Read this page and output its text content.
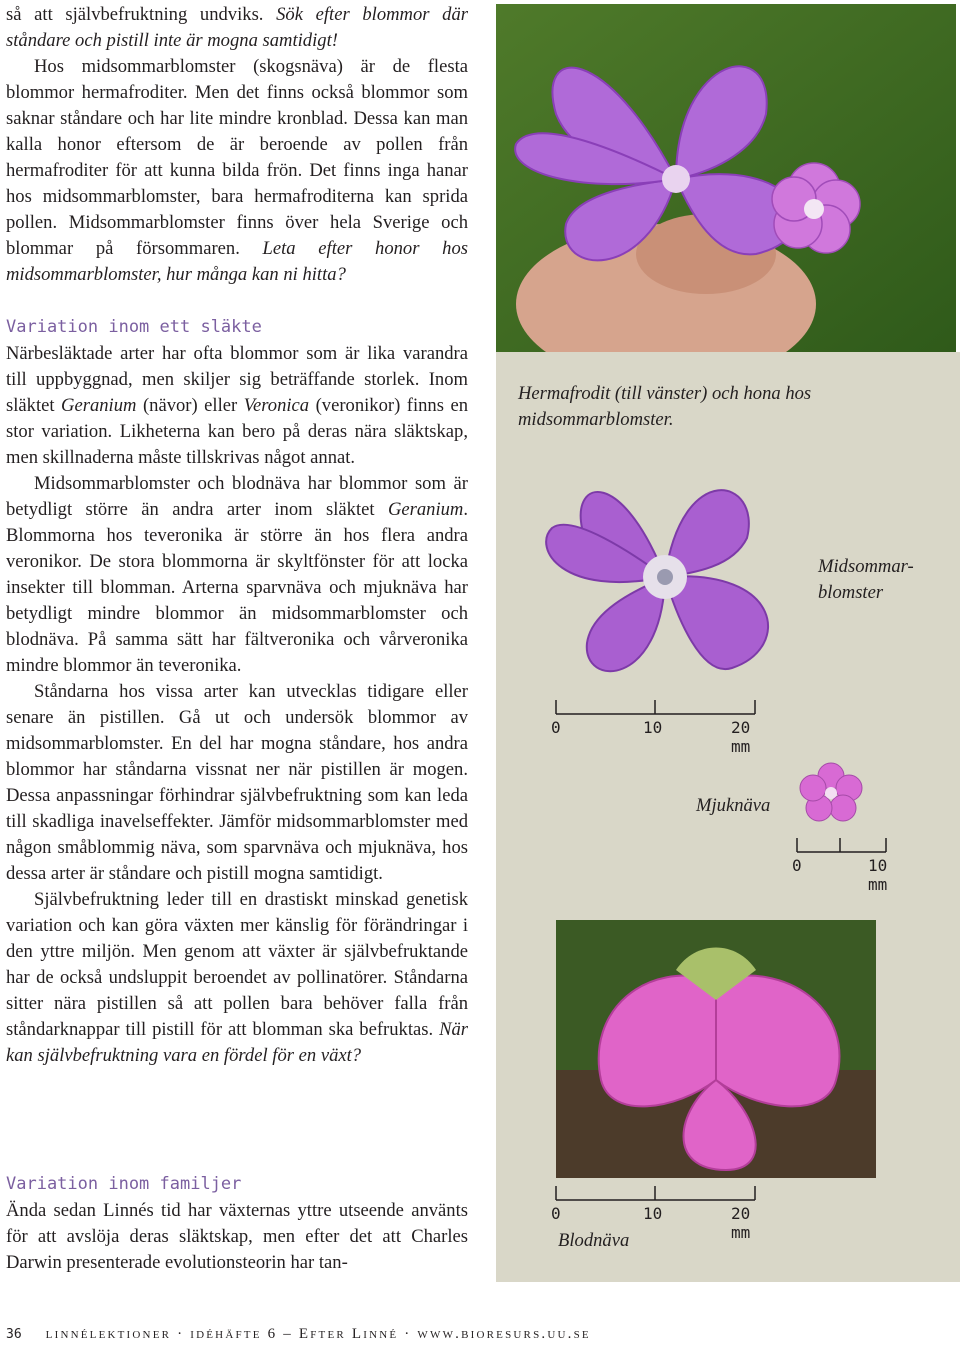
så att självbefruktning undviks. Sök efter blommor där ståndare och pistill inte är mogna samtidigt!

Hos midsommarblomster (skogsnäva) är de flesta blommor hermafroditer. Men det finns också blommor som saknar ståndare och har lite mindre kronblad. Dessa kan man kalla honor eftersom de är beroende av pollen från hermafroditer för att kunna bilda frön. Det finns inga hanar hos midsommarblomster, bara hermafroditerna kan sprida pollen. Midsommarblomster finns över hela Sverige och blommar på försommaren. Leta efter honor hos midsommarblomster, hur många kan ni hitta?

Variation inom ett släkte

Närbesläktade arter har ofta blommor som är lika varandra till uppbyggnad, men skiljer sig beträffande storlek. Inom släktet Geranium (nävor) eller Veronica (veronikor) finns en stor variation. Likheterna kan bero på deras nära släktskap, men skillnaderna måste tillskrivas något annat.

Midsommarblomster och blodnäva har blommor som är betydligt större än andra arter inom släktet Geranium. Blommorna hos teveronika är större än hos flera andra veronikor. De stora blommorna är skyltfönster för att locka insekter till blomman. Arterna sparvnäva och mjuknäva har betydligt mindre blommor än midsommarblomster och blodnäva. På samma sätt har fältveronika och vårveronika mindre blommor än teveronika.

Ståndarna hos vissa arter kan utvecklas tidigare eller senare än pistillen. Gå ut och undersök blommor av midsommarblomster. En del har mogna ståndare, hos andra blommor har ståndarna vissnat ner när pistillen är mogen. Dessa anpassningar förhindrar självbefruktning som kan leda till skadliga inavelseffekter. Jämför midsommarblomster med någon småblommig näva, som sparvnäva och mjuknäva, hos dessa arter är ståndare och pistill mogna samtidigt.

Självbefruktning leder till en drastiskt minskad genetisk variation och kan göra växten mer känslig för förändringar i den yttre miljön. Men genom att växter är självbefruktande har de också undsluppit beroendet av pollinatörer. Ståndarna sitter nära pistillen så att pollen bara behöver falla från ståndarknappar till pistill för att blomman ska befruktas. När kan självbefruktning vara en fördel för en växt?

Variation inom familjer

Ända sedan Linnés tid har växternas yttre utseende använts för att avslöja deras släktskap, men efter det att Charles Darwin presenterade evolutionsteorin har tan-

Hermafrodit (till vänster) och hona hos midsommarblomster.
Midsommar-blomster
0	10	20 mm
Mjuknäva
0	10 mm
0	10	20 mm
Blodnäva
36 linnélektioner · idéhäfte 6 – Efter Linné · www.bioresurs.uu.se
